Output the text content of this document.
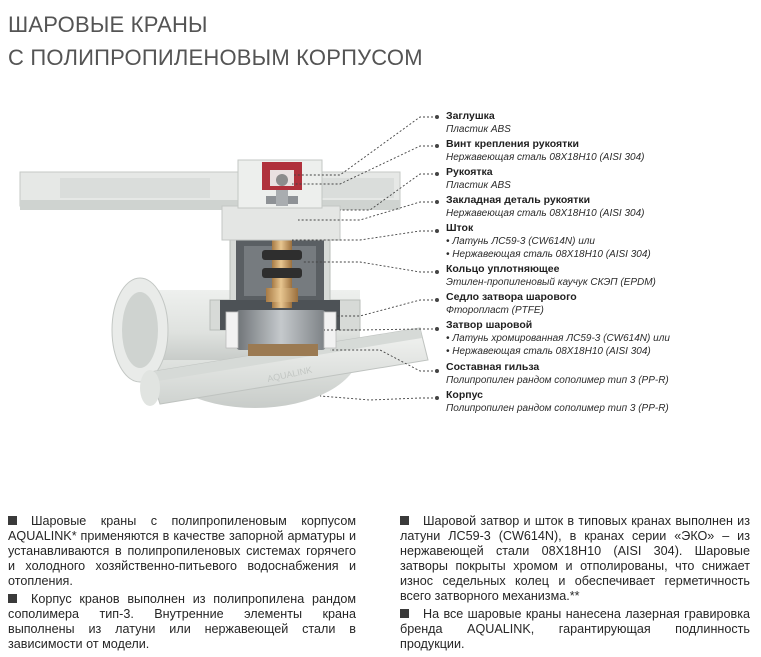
ШАРОВЫЕ КРАНЫ
С ПОЛИПРОПИЛЕНОВЫМ КОРПУСОМ
AQUALINK
Заглушка
Пластик ABS
Винт крепления рукоятки
Нержавеющая сталь 08Х18Н10 (AISI 304)
Рукоятка
Пластик ABS
Закладная деталь рукоятки
Нержавеющая сталь 08Х18Н10 (AISI 304)
Шток
• Латунь ЛС59-3 (CW614N) или
• Нержавеющая сталь 08Х18Н10 (AISI 304)
Кольцо уплотняющее
Этилен-пропиленовый каучук СКЭП (EPDM)
Седло затвора шарового
Фторопласт (PTFE)
Затвор шаровой
• Латунь хромированная ЛС59-3 (CW614N) или
• Нержавеющая сталь 08Х18Н10 (AISI 304)
Составная гильза
Полипропилен рандом сополимер тип 3 (PP-R)
Корпус
Полипропилен рандом сополимер тип 3 (PP-R)

Шаровые краны с полипропиленовым корпусом AQUALINK* применяются в качестве запорной арматуры и устанавливаются в полипропиленовых системах горячего и холодного хозяйственно-питьевого водоснабжения и отопления.

Корпус кранов выполнен из полипропилена рандом сополимера тип-3. Внутренние элементы крана выполнены из латуни или нержавеющей стали в зависимости от модели.

Шаровой затвор и шток в типовых кранах выполнен из латуни ЛС59-3 (CW614N), в кранах серии «ЭКО» – из нержавеющей стали 08Х18Н10 (AISI 304). Шаровые затворы покрыты хромом и отполированы, что снижает износ седельных колец и обеспечивает герметичность всего затворного механизма.**

На все шаровые краны нанесена лазерная гравировка бренда AQUALINK, гарантирующая подлинность продукции.
